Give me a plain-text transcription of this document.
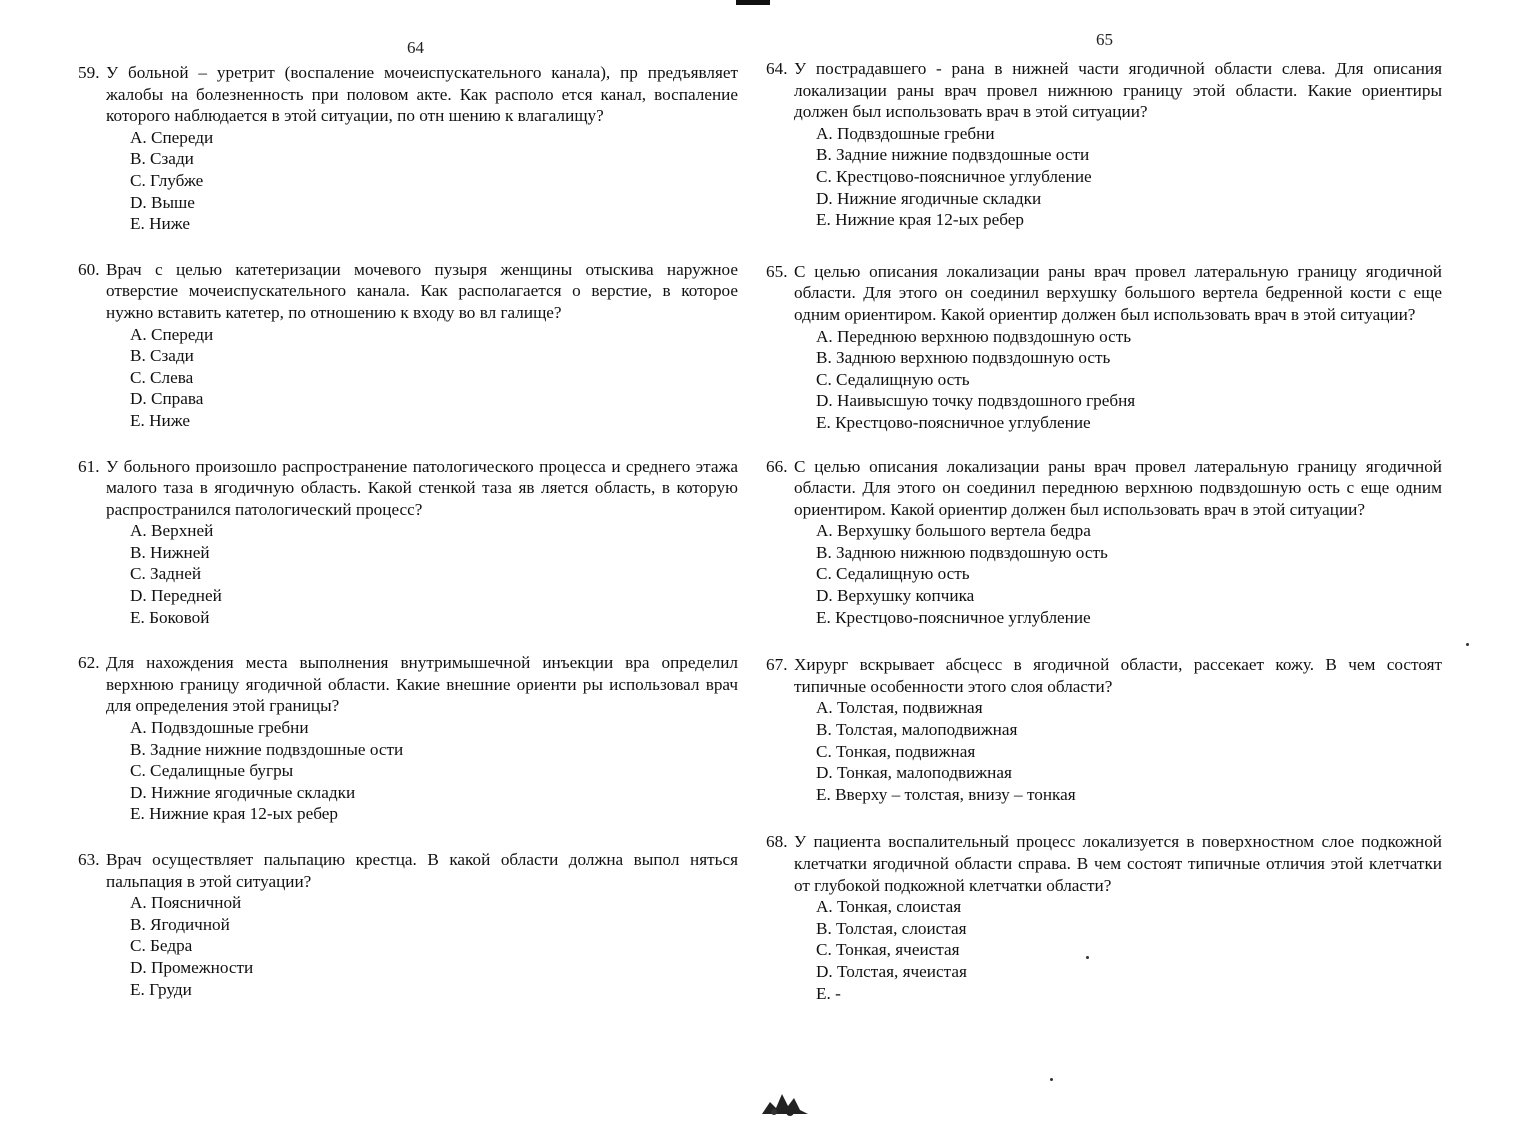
64

59. У больной – уретрит (воспаление мочеиспускательного канала), пр предъявляет жалобы на болезненность при половом акте. Как располо ется канал, воспаление которого наблюдается в этой ситуации, по отн шению к влагалищу?

A. Спереди
B. Сзади
C. Глубже
D. Выше
E. Ниже

60. Врач с целью катетеризации мочевого пузыря женщины отыскива наружное отверстие мочеиспускательного канала. Как располагается о верстие, в которое нужно вставить катетер, по отношению к входу во вл галище?

A. Спереди
B. Сзади
C. Слева
D. Справа
E. Ниже

61. У больного произошло распространение патологического процесса и среднего этажа малого таза в ягодичную область. Какой стенкой таза яв ляется область, в которую распространился патологический процесс?

A. Верхней
B. Нижней
C. Задней
D. Передней
E. Боковой

62. Для нахождения места выполнения внутримышечной инъекции вра определил верхнюю границу ягодичной области. Какие внешние ориенти ры использовал врач для определения этой границы?

A. Подвздошные гребни
B. Задние нижние подвздошные ости
C. Седалищные бугры
D. Нижние ягодичные складки
E. Нижние края 12-ых ребер

63. Врач осуществляет пальпацию крестца. В какой области должна выпол няться пальпация в этой ситуации?

A. Поясничной
B. Ягодичной
C. Бедра
D. Промежности
E. Груди
65

64. У пострадавшего - рана в нижней части ягодичной области слева. Для описания локализации раны врач провел нижнюю границу этой области. Какие ориентиры должен был использовать врач в этой ситуации?

A. Подвздошные гребни
B. Задние нижние подвздошные ости
C. Крестцово-поясничное углубление
D. Нижние ягодичные складки
E. Нижние края 12-ых ребер

65. С целью описания локализации раны врач провел латеральную границу ягодичной области. Для этого он соединил верхушку большого вертела бедренной кости с еще одним ориентиром. Какой ориентир должен был использовать врач в этой ситуации?

A. Переднюю верхнюю подвздошную ость
B. Заднюю верхнюю подвздошную ость
C. Седалищную ость
D. Наивысшую точку подвздошного гребня
E. Крестцово-поясничное углубление

66. С целью описания локализации раны врач провел латеральную границу ягодичной области. Для этого он соединил переднюю верхнюю подвздошную ость с еще одним ориентиром. Какой ориентир должен был использовать врач в этой ситуации?

A. Верхушку большого вертела бедра
B. Заднюю нижнюю подвздошную ость
C. Седалищную ость
D. Верхушку копчика
E. Крестцово-поясничное углубление

67. Хирург вскрывает абсцесс в ягодичной области, рассекает кожу. В чем состоят типичные особенности этого слоя области?

A. Толстая, подвижная
B. Толстая, малоподвижная
C. Тонкая, подвижная
D. Тонкая, малоподвижная
E. Вверху – толстая, внизу – тонкая

68. У пациента воспалительный процесс локализуется в поверхностном слое подкожной клетчатки ягодичной области справа. В чем состоят типичные отличия этой клетчатки от глубокой подкожной клетчатки области?

A. Тонкая, слоистая
B. Толстая, слоистая
C. Тонкая, ячеистая
D. Толстая, ячеистая
E. -
